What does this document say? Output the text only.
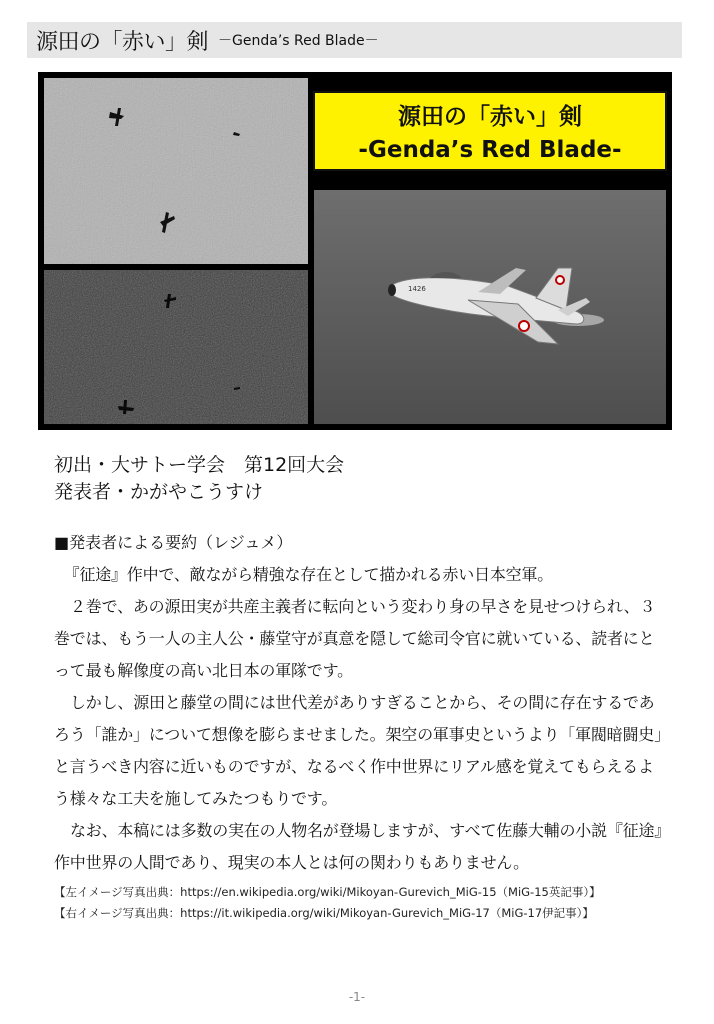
源田の「赤い」剣 －Genda’s Red Blade－
源田の「赤い」剣
-Genda’s Red Blade-
1426
初出・大サトー学会　第12回大会
発表者・かがやこうすけ
■発表者による要約（レジュメ）
『征途』作中で、敵ながら精強な存在として描かれる赤い日本空軍。
２巻で、あの源田実が共産主義者に転向という変わり身の早さを見せつけられ、３巻では、もう一人の主人公・藤堂守が真意を隠して総司令官に就いている、読者にとって最も解像度の高い北日本の軍隊です。
しかし、源田と藤堂の間には世代差がありすぎることから、その間に存在するであろう「誰か」について想像を膨らませました。架空の軍事史というより「軍閥暗闘史」と言うべき内容に近いものですが、なるべく作中世界にリアル感を覚えてもらえるよう様々な工夫を施してみたつもりです。
なお、本稿には多数の実在の人物名が登場しますが、すべて佐藤大輔の小説『征途』作中世界の人間であり、現実の本人とは何の関わりもありません。
【左イメージ写真出典：https://en.wikipedia.org/wiki/Mikoyan-Gurevich_MiG-15（MiG-15英記事）】
【右イメージ写真出典：https://it.wikipedia.org/wiki/Mikoyan-Gurevich_MiG-17（MiG-17伊記事）】
-1-
